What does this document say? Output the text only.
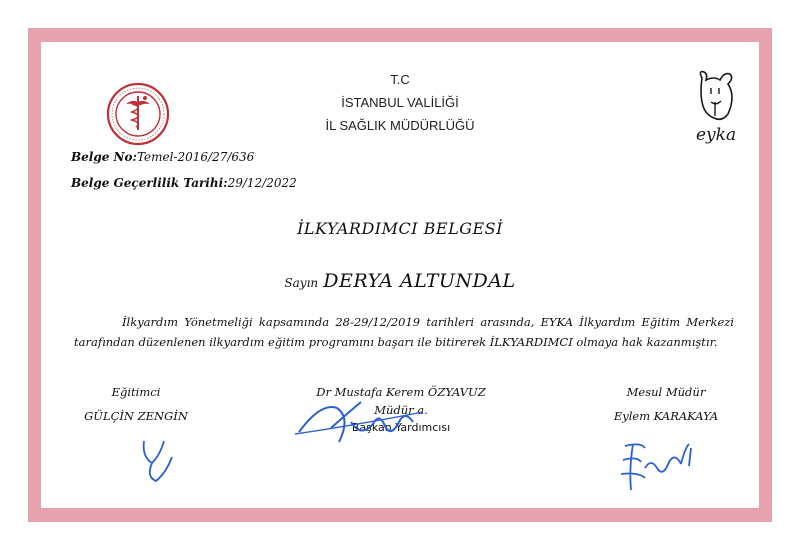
T.C
İSTANBUL VALİLİĞİ
İL SAĞLIK MÜDÜRLÜĞÜ	eyka
Belge No:Temel-2016/27/636
Belge Geçerlilik Tarihi:29/12/2022
İLKYARDIMCI BELGESİ
Sayın DERYA ALTUNDAL
İlkyardım Yönetmeliği kapsamında 28-29/12/2019 tarihleri arasında, EYKA İlkyardım Eğitim Merkezi tarafından düzenlenen ilkyardım eğitim programını başarı ile bitirerek İLKYARDIMCI olmaya hak kazanmıştır.
Eğitimci
GÜLÇİN ZENGİN
Dr Mustafa Kerem ÖZYAVUZ
Müdür a.
Başkan Yardımcısı
Mesul Müdür
Eylem KARAKAYA
